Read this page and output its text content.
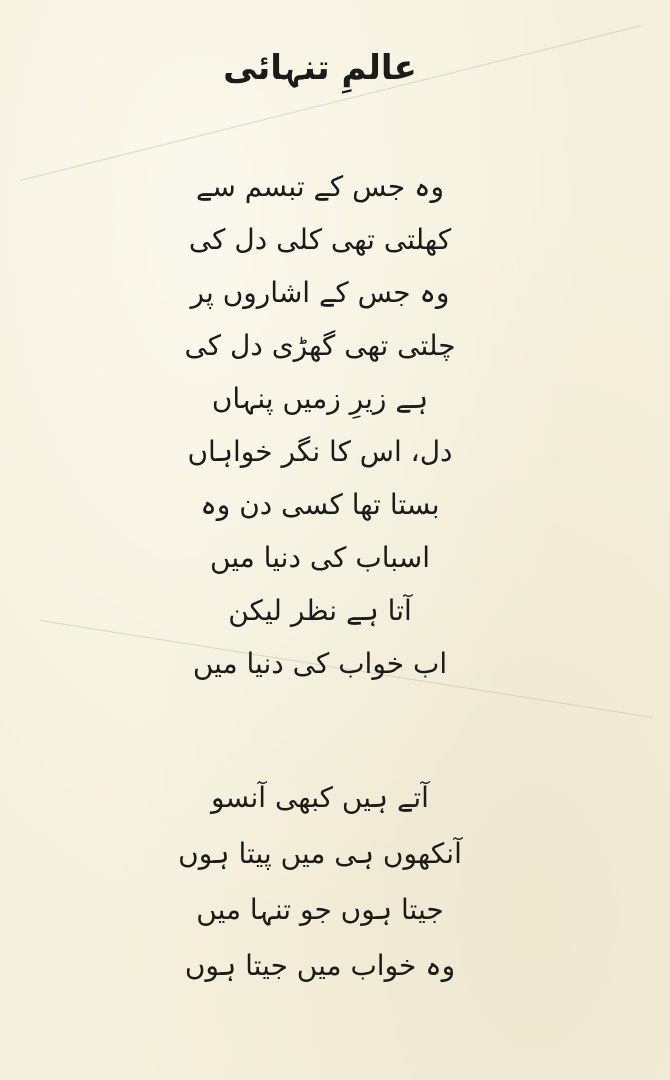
عالمِ تنہائی
وہ جس کے تبسم سے
کھلتی تھی کلی دل کی
وہ جس کے اشاروں پر
چلتی تھی گھڑی دل کی
ہے زیرِ زمیں پنہاں
دل، اس کا نگر خواہاں
بستا تھا کسی دن وہ
اسباب کی دنیا میں
آتا ہے نظر لیکن
اب خواب کی دنیا میں
آتے ہیں کبھی آنسو
آنکھوں ہی میں پیتا ہوں
جیتا ہوں جو تنہا میں
وہ خواب میں جیتا ہوں
